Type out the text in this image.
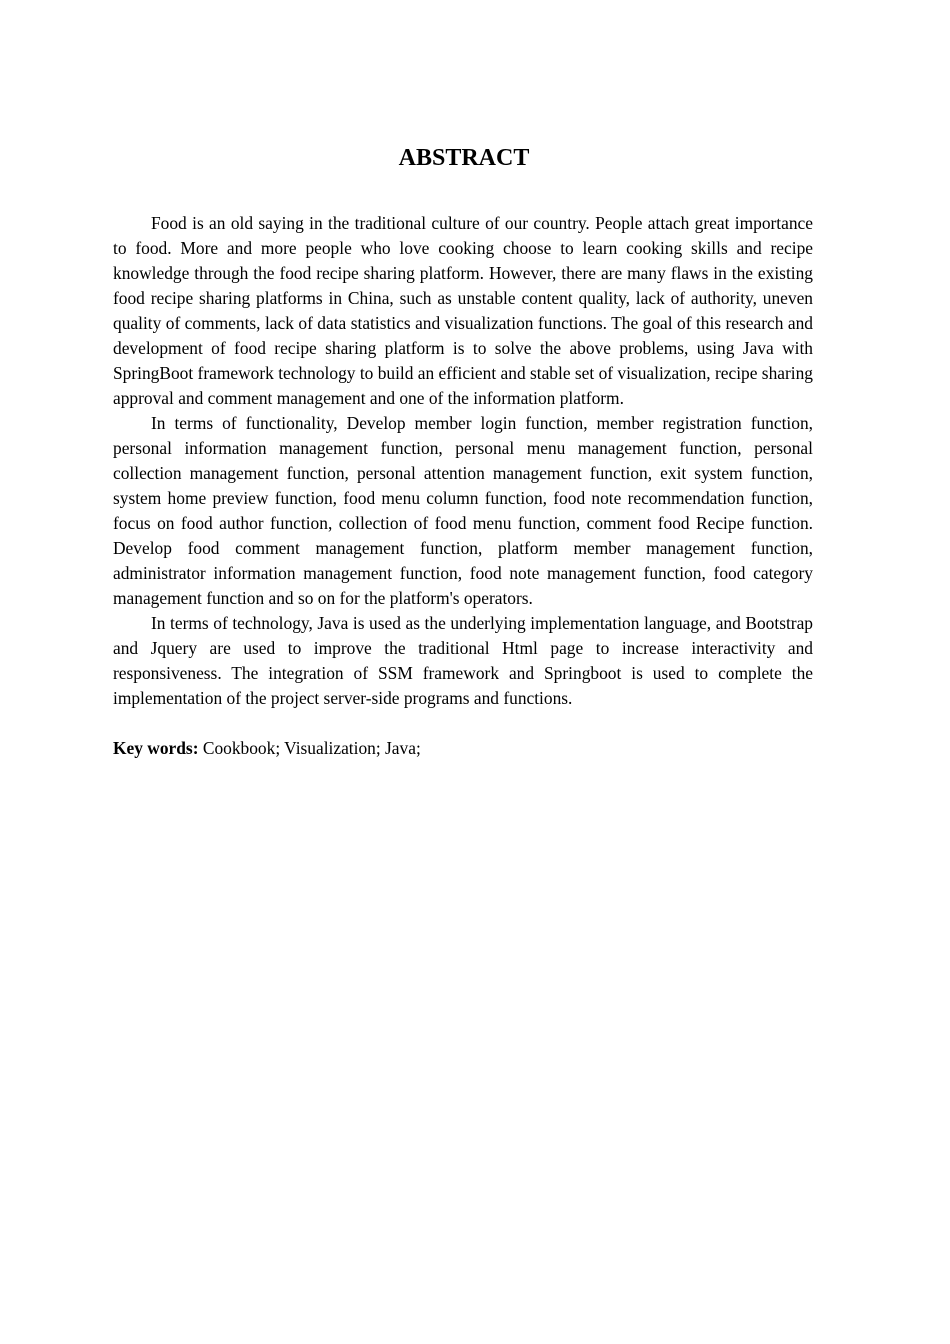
ABSTRACT

Food is an old saying in the traditional culture of our country. People attach great importance to food. More and more people who love cooking choose to learn cooking skills and recipe knowledge through the food recipe sharing platform. However, there are many flaws in the existing food recipe sharing platforms in China, such as unstable content quality, lack of authority, uneven quality of comments, lack of data statistics and visualization functions. The goal of this research and development of food recipe sharing platform is to solve the above problems, using Java with SpringBoot framework technology to build an efficient and stable set of visualization, recipe sharing approval and comment management and one of the information platform.

In terms of functionality, Develop member login function, member registration function, personal information management function, personal menu management function, personal collection management function, personal attention management function, exit system function, system home preview function, food menu column function, food note recommendation function, focus on food author function, collection of food menu function, comment food Recipe function. Develop food comment management function, platform member management function, administrator information management function, food note management function, food category management function and so on for the platform's operators.

In terms of technology, Java is used as the underlying implementation language, and Bootstrap and Jquery are used to improve the traditional Html page to increase interactivity and responsiveness. The integration of SSM framework and Springboot is used to complete the implementation of the project server-side programs and functions.

Key words: Cookbook; Visualization; Java;
